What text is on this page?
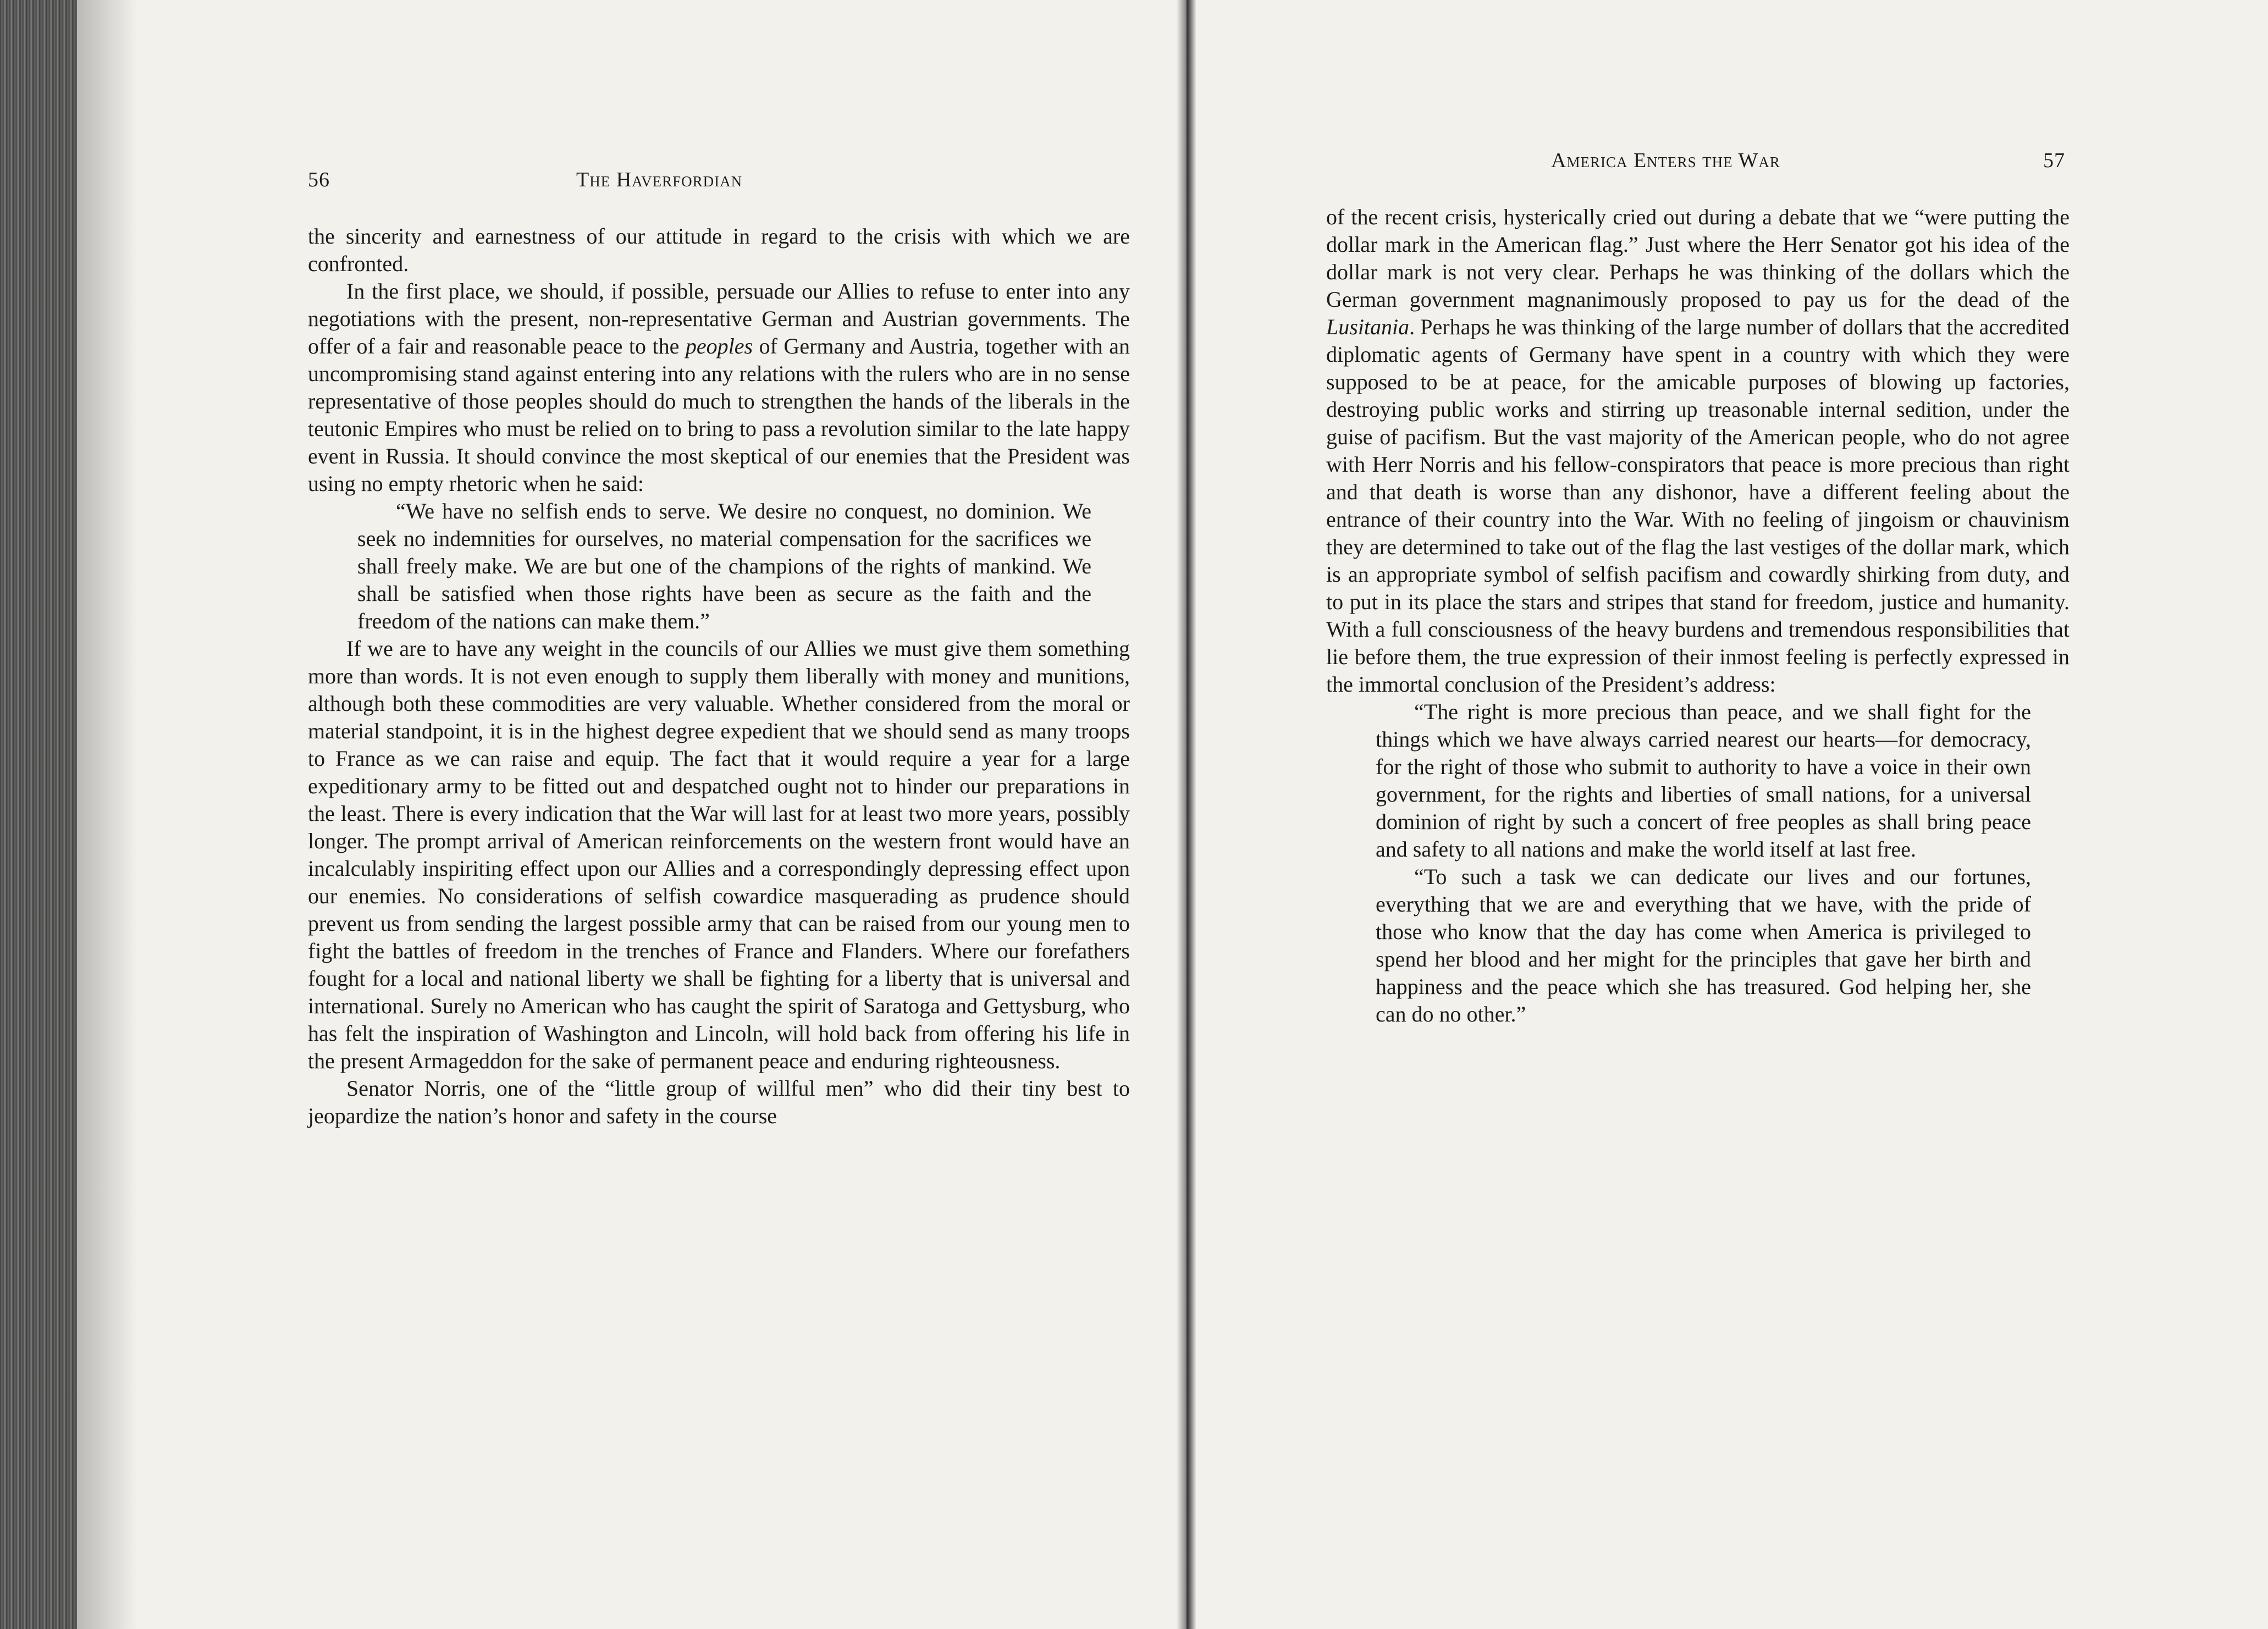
56	The Haverfordian

the sincerity and earnestness of our attitude in regard to the crisis with which we are confronted.

In the first place, we should, if possible, persuade our Allies to refuse to enter into any negotiations with the present, non-representative German and Austrian governments. The offer of a fair and reasonable peace to the peoples of Germany and Austria, together with an uncompromising stand against entering into any relations with the rulers who are in no sense representative of those peoples should do much to strengthen the hands of the liberals in the teutonic Empires who must be relied on to bring to pass a revolution similar to the late happy event in Russia. It should convince the most skeptical of our enemies that the President was using no empty rhetoric when he said:

“We have no selfish ends to serve. We desire no conquest, no dominion. We seek no indemnities for ourselves, no material compensation for the sacrifices we shall freely make. We are but one of the champions of the rights of mankind. We shall be satisfied when those rights have been as secure as the faith and the freedom of the nations can make them.”

If we are to have any weight in the councils of our Allies we must give them something more than words. It is not even enough to supply them liberally with money and munitions, although both these commodities are very valuable. Whether considered from the moral or material standpoint, it is in the highest degree expedient that we should send as many troops to France as we can raise and equip. The fact that it would require a year for a large expeditionary army to be fitted out and despatched ought not to hinder our preparations in the least. There is every indication that the War will last for at least two more years, possibly longer. The prompt arrival of American reinforcements on the western front would have an incalculably inspiriting effect upon our Allies and a correspondingly depressing effect upon our enemies. No considerations of selfish cowardice masquerading as prudence should prevent us from sending the largest possible army that can be raised from our young men to fight the battles of freedom in the trenches of France and Flanders. Where our forefathers fought for a local and national liberty we shall be fighting for a liberty that is universal and international. Surely no American who has caught the spirit of Saratoga and Gettysburg, who has felt the inspiration of Washington and Lincoln, will hold back from offering his life in the present Armageddon for the sake of permanent peace and enduring righteousness.

Senator Norris, one of the “little group of willful men” who did their tiny best to jeopardize the nation’s honor and safety in the course

America Enters the War	57

of the recent crisis, hysterically cried out during a debate that we “were putting the dollar mark in the American flag.” Just where the Herr Senator got his idea of the dollar mark is not very clear. Perhaps he was thinking of the dollars which the German government magnanimously proposed to pay us for the dead of the Lusitania. Perhaps he was thinking of the large number of dollars that the accredited diplomatic agents of Germany have spent in a country with which they were supposed to be at peace, for the amicable purposes of blowing up factories, destroying public works and stirring up treasonable internal sedition, under the guise of pacifism. But the vast majority of the American people, who do not agree with Herr Norris and his fellow-conspirators that peace is more precious than right and that death is worse than any dishonor, have a different feeling about the entrance of their country into the War. With no feeling of jingoism or chauvinism they are determined to take out of the flag the last vestiges of the dollar mark, which is an appropriate symbol of selfish pacifism and cowardly shirking from duty, and to put in its place the stars and stripes that stand for freedom, justice and humanity. With a full consciousness of the heavy burdens and tremendous responsibilities that lie before them, the true expression of their inmost feeling is perfectly expressed in the immortal conclusion of the President’s address:

“The right is more precious than peace, and we shall fight for the things which we have always carried nearest our hearts—for democracy, for the right of those who submit to authority to have a voice in their own government, for the rights and liberties of small nations, for a universal dominion of right by such a concert of free peoples as shall bring peace and safety to all nations and make the world itself at last free.

“To such a task we can dedicate our lives and our fortunes, everything that we are and everything that we have, with the pride of those who know that the day has come when America is privileged to spend her blood and her might for the principles that gave her birth and happiness and the peace which she has treasured. God helping her, she can do no other.”
